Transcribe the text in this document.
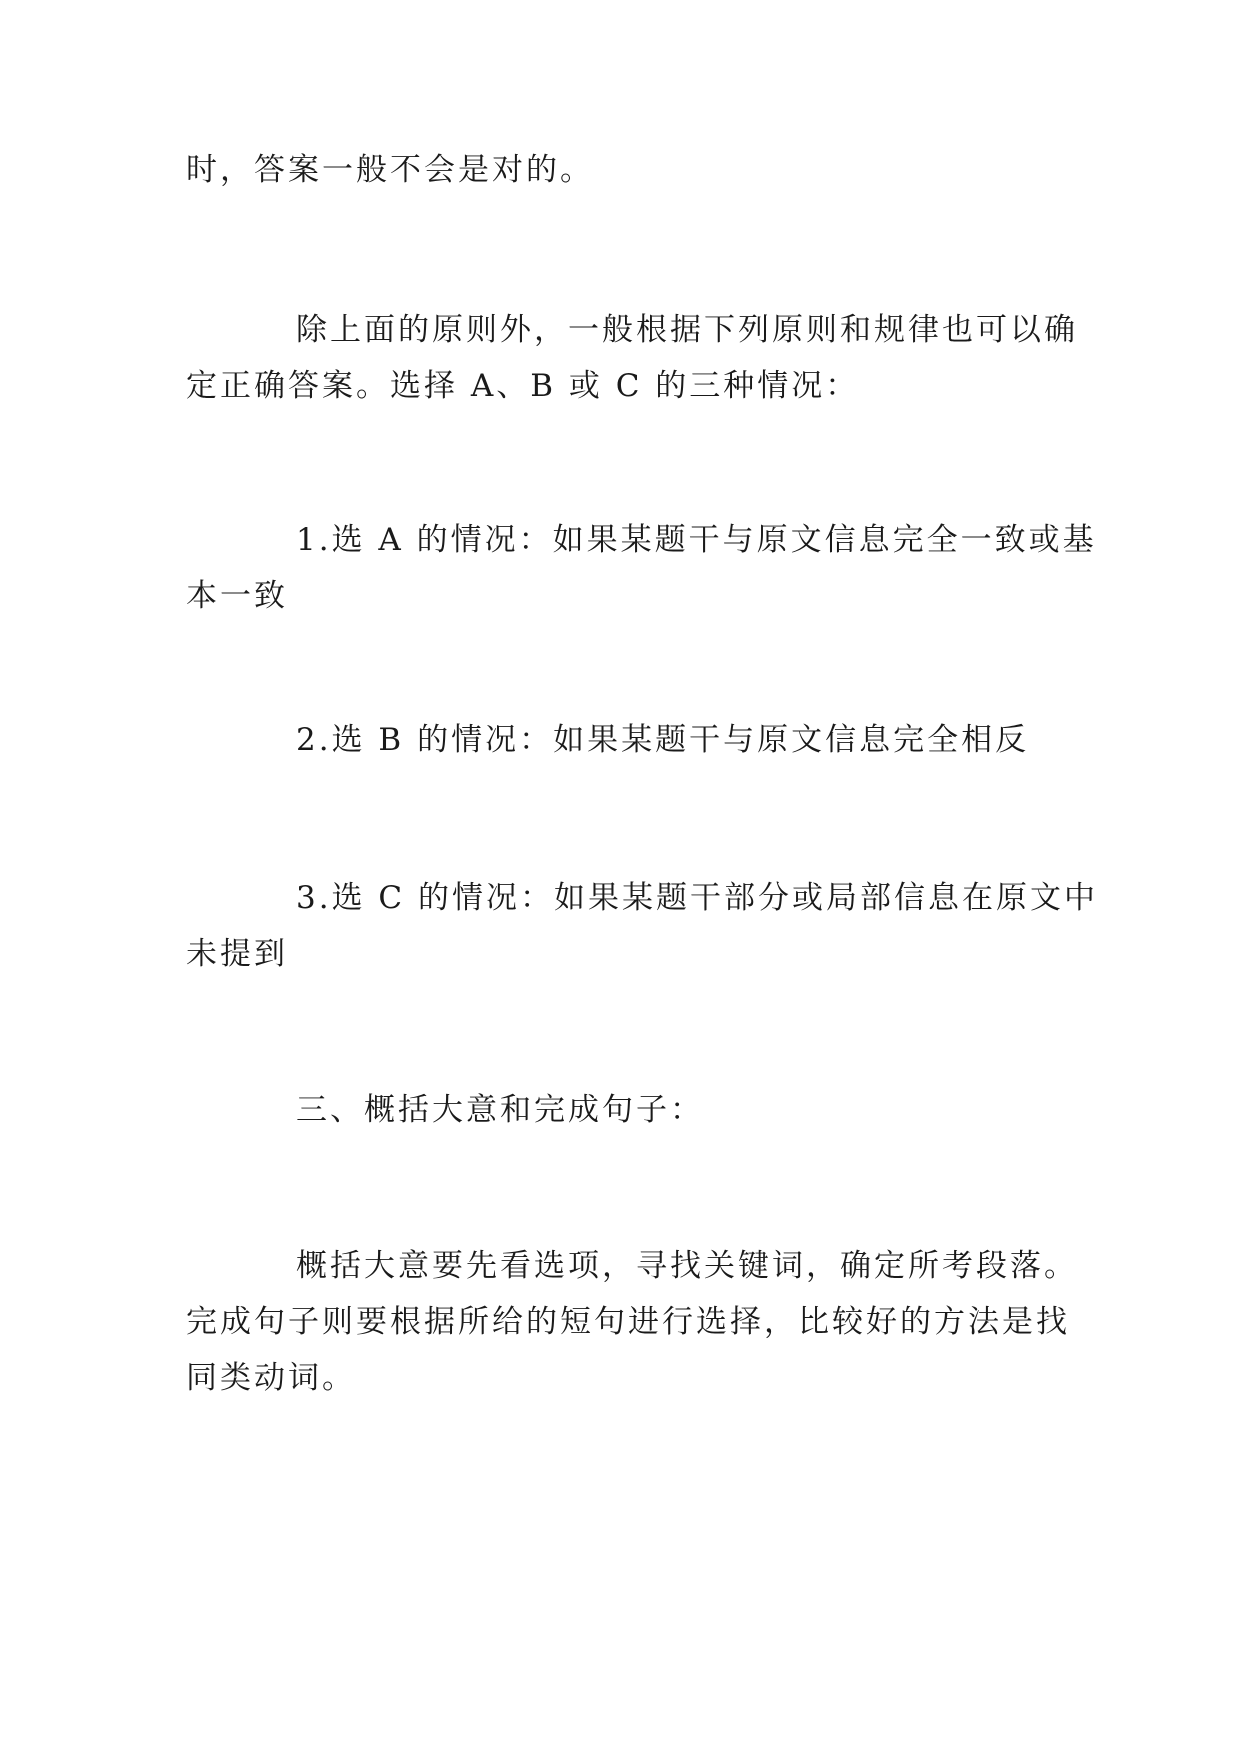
时，答案一般不会是对的。

除上面的原则外，一般根据下列原则和规律也可以确
定正确答案。选择 A、B 或 C 的三种情况：

1.选 A 的情况：如果某题干与原文信息完全一致或基
本一致

2.选 B 的情况：如果某题干与原文信息完全相反

3.选 C 的情况：如果某题干部分或局部信息在原文中
未提到

三、概括大意和完成句子：

概括大意要先看选项，寻找关键词，确定所考段落。
完成句子则要根据所给的短句进行选择，比较好的方法是找
同类动词。
